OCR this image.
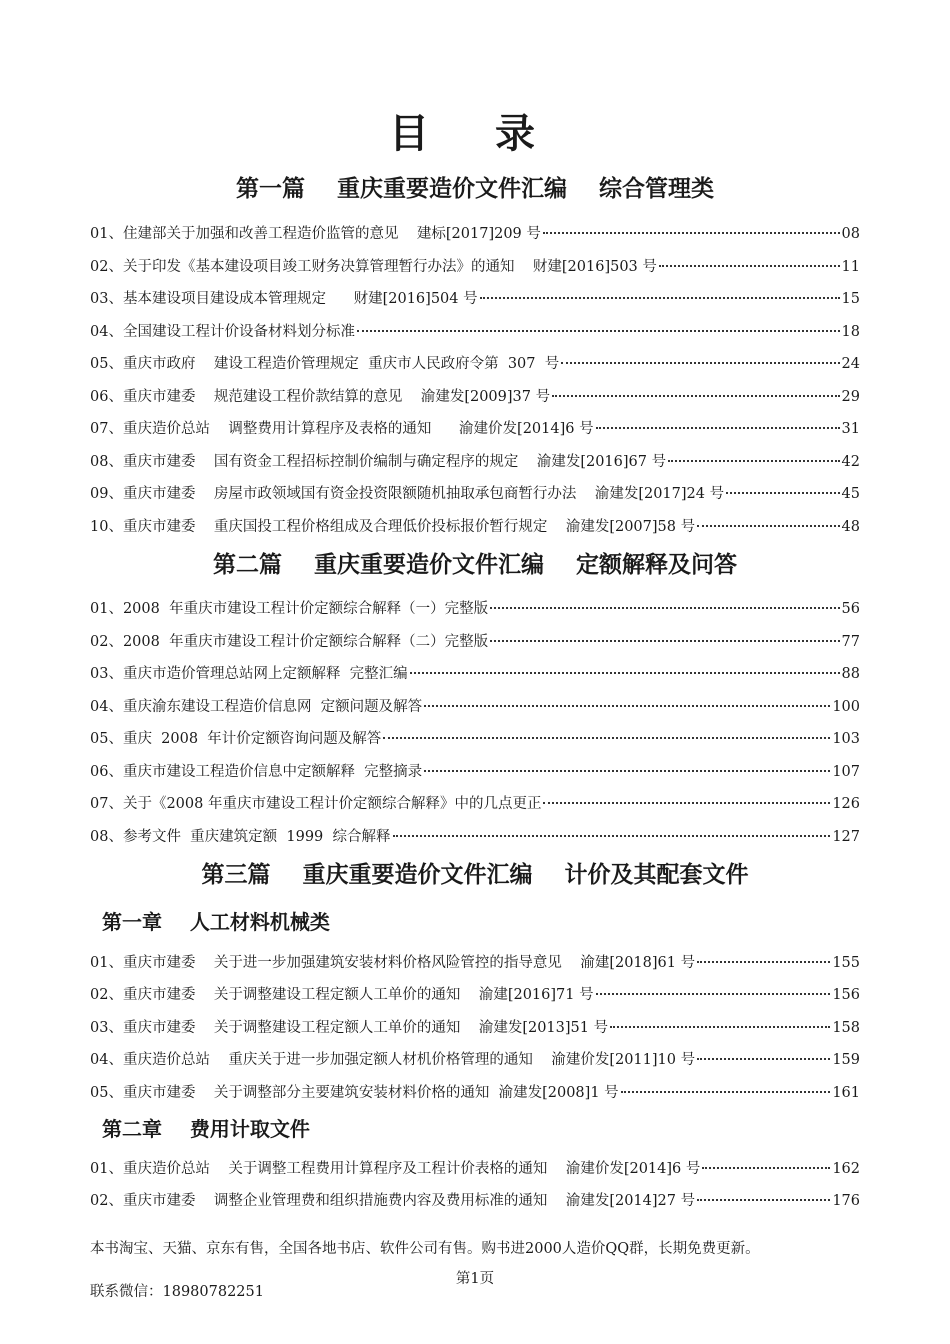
目 录
第一篇    重庆重要造价文件汇编    综合管理类
01、住建部关于加强和改善工程造价监管的意见    建标[2017]209 号	08
02、关于印发《基本建设项目竣工财务决算管理暂行办法》的通知    财建[2016]503 号	11
03、基本建设项目建设成本管理规定      财建[2016]504 号	15
04、全国建设工程计价设备材料划分标准	18
05、重庆市政府    建设工程造价管理规定  重庆市人民政府令第  307  号	24
06、重庆市建委    规范建设工程价款结算的意见    渝建发[2009]37 号	29
07、重庆造价总站    调整费用计算程序及表格的通知      渝建价发[2014]6 号	31
08、重庆市建委    国有资金工程招标控制价编制与确定程序的规定    渝建发[2016]67 号	42
09、重庆市建委    房屋市政领域国有资金投资限额随机抽取承包商暂行办法    渝建发[2017]24 号	45
10、重庆市建委    重庆国投工程价格组成及合理低价投标报价暂行规定    渝建发[2007]58 号	48
第二篇    重庆重要造价文件汇编    定额解释及问答
01、2008  年重庆市建设工程计价定额综合解释（一）完整版	56
02、2008  年重庆市建设工程计价定额综合解释（二）完整版	77
03、重庆市造价管理总站网上定额解释  完整汇编	88
04、重庆渝东建设工程造价信息网  定额问题及解答	100
05、重庆  2008  年计价定额咨询问题及解答	103
06、重庆市建设工程造价信息中定额解释  完整摘录	107
07、关于《2008 年重庆市建设工程计价定额综合解释》中的几点更正	126
08、参考文件  重庆建筑定额  1999  综合解释	127
第三篇    重庆重要造价文件汇编    计价及其配套文件
第一章    人工材料机械类
01、重庆市建委    关于进一步加强建筑安装材料价格风险管控的指导意见    渝建[2018]61 号	155
02、重庆市建委    关于调整建设工程定额人工单价的通知    渝建[2016]71 号	156
03、重庆市建委    关于调整建设工程定额人工单价的通知    渝建发[2013]51 号	158
04、重庆造价总站    重庆关于进一步加强定额人材机价格管理的通知    渝建价发[2011]10 号	159
05、重庆市建委    关于调整部分主要建筑安装材料价格的通知  渝建发[2008]1 号	161
第二章    费用计取文件
01、重庆造价总站    关于调整工程费用计算程序及工程计价表格的通知    渝建价发[2014]6 号	162
02、重庆市建委    调整企业管理费和组织措施费内容及费用标准的通知    渝建发[2014]27 号	176
本书淘宝、天猫、京东有售，全国各地书店、软件公司有售。购书进2000人造价QQ群，长期免费更新。
第1页
联系微信：18980782251
